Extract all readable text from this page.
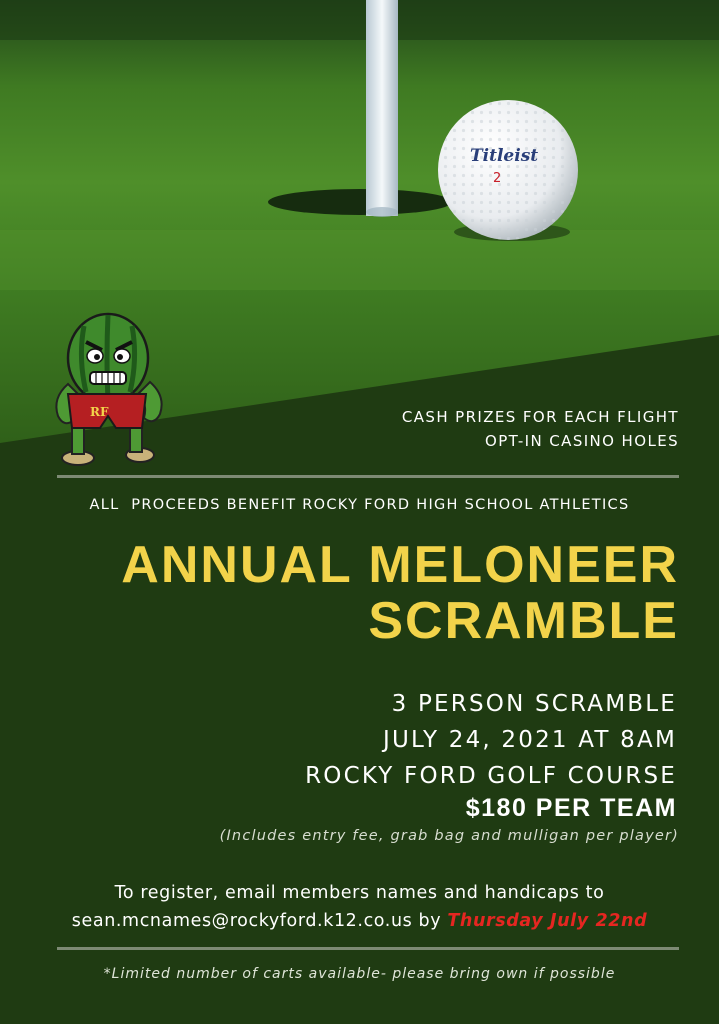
Titleist
2
RF	CASH PRIZES FOR EACH FLIGHT
OPT-IN CASINO HOLES
ALL  PROCEEDS BENEFIT ROCKY FORD HIGH SCHOOL ATHLETICS
ANNUAL MELONEER
SCRAMBLE
3 PERSON SCRAMBLE
JULY 24, 2021 AT 8AM
ROCKY FORD GOLF COURSE
$180 PER TEAM
(Includes entry fee, grab bag and mulligan per player)
To register, email members names and handicaps to
sean.mcnames@rockyford.k12.co.us by Thursday July 22nd
*Limited number of carts available- please bring own if possible
